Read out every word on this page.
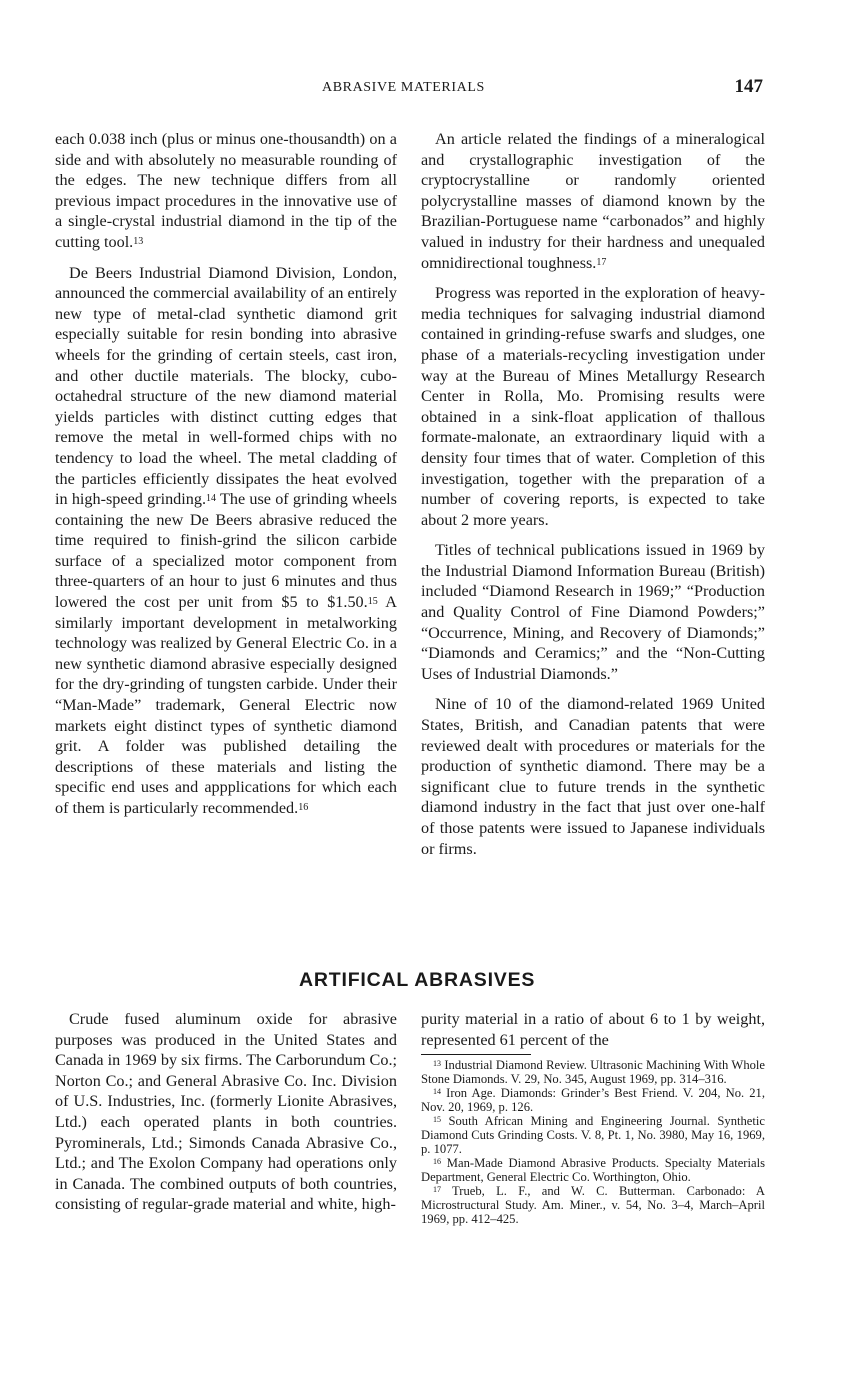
ABRASIVE MATERIALS	147

each 0.038 inch (plus or minus one-thousandth) on a side and with absolutely no measurable rounding of the edges. The new technique differs from all previous impact procedures in the innovative use of a single-crystal industrial diamond in the tip of the cutting tool.$^{13}$

De Beers Industrial Diamond Division, London, announced the commercial availability of an entirely new type of metal-clad synthetic diamond grit especially suitable for resin bonding into abrasive wheels for the grinding of certain steels, cast iron, and other ductile materials. The blocky, cubo-octahedral structure of the new diamond material yields particles with distinct cutting edges that remove the metal in well-formed chips with no tendency to load the wheel. The metal cladding of the particles efficiently dissipates the heat evolved in high-speed grinding.$^{14}$ The use of grinding wheels containing the new De Beers abrasive reduced the time required to finish-grind the silicon carbide surface of a specialized motor component from three-quarters of an hour to just 6 minutes and thus lowered the cost per unit from $5 to $1.50.15 A similarly important development in metalworking technology was realized by General Electric Co. in a new synthetic diamond abrasive especially designed for the dry-grinding of tungsten carbide. Under their “Man-Made” trademark, General Electric now markets eight distinct types of synthetic diamond grit. A folder was published detailing the descriptions of these materials and listing the specific end uses and appplications for which each of them is particularly recommended.$^{16}$

An article related the findings of a mineralogical and crystallographic investigation of the cryptocrystalline or randomly oriented polycrystalline masses of diamond known by the Brazilian-Portuguese name “carbonados” and highly valued in industry for their hardness and unequaled omnidirectional toughness.$^{17}$

Progress was reported in the exploration of heavy-media techniques for salvaging industrial diamond contained in grinding-refuse swarfs and sludges, one phase of a materials-recycling investigation under way at the Bureau of Mines Metallurgy Research Center in Rolla, Mo. Promising results were obtained in a sink-float application of thallous formate-malonate, an extraordinary liquid with a density four times that of water. Completion of this investigation, together with the preparation of a number of covering reports, is expected to take about 2 more years.

Titles of technical publications issued in 1969 by the Industrial Diamond Information Bureau (British) included “Diamond Research in 1969;” “Production and Quality Control of Fine Diamond Powders;” “Occurrence, Mining, and Recovery of Diamonds;” “Diamonds and Ceramics;” and the “Non-Cutting Uses of Industrial Diamonds.”

Nine of 10 of the diamond-related 1969 United States, British, and Canadian patents that were reviewed dealt with procedures or materials for the production of synthetic diamond. There may be a significant clue to future trends in the synthetic diamond industry in the fact that just over one-half of those patents were issued to Japanese individuals or firms.

ARTIFICAL ABRASIVES

Crude fused aluminum oxide for abrasive purposes was produced in the United States and Canada in 1969 by six firms. The Carborundum Co.; Norton Co.; and General Abrasive Co. Inc. Division of U.S. Industries, Inc. (formerly Lionite Abrasives, Ltd.) each operated plants in both countries. Pyrominerals, Ltd.; Simonds Canada Abrasive Co., Ltd.; and The Exolon Company had operations only in Canada. The combined outputs of both countries, consisting of regular-grade material and white, high-

purity material in a ratio of about 6 to 1 by weight, represented 61 percent of the

$^{13}$ Industrial Diamond Review. Ultrasonic Machining With Whole Stone Diamonds. V. 29, No. 345, August 1969, pp. 314–316.

$^{14}$ Iron Age. Diamonds: Grinder’s Best Friend. V. 204, No. 21, Nov. 20, 1969, p. 126.

$^{15}$ South African Mining and Engineering Journal. Synthetic Diamond Cuts Grinding Costs. V. 8, Pt. 1, No. 3980, May 16, 1969, p. 1077.

$^{16}$ Man-Made Diamond Abrasive Products. Specialty Materials Department, General Electric Co. Worthington, Ohio.

$^{17}$ Trueb, L. F., and W. C. Butterman. Carbonado: A Microstructural Study. Am. Miner., v. 54, No. 3–4, March–April 1969, pp. 412–425.
